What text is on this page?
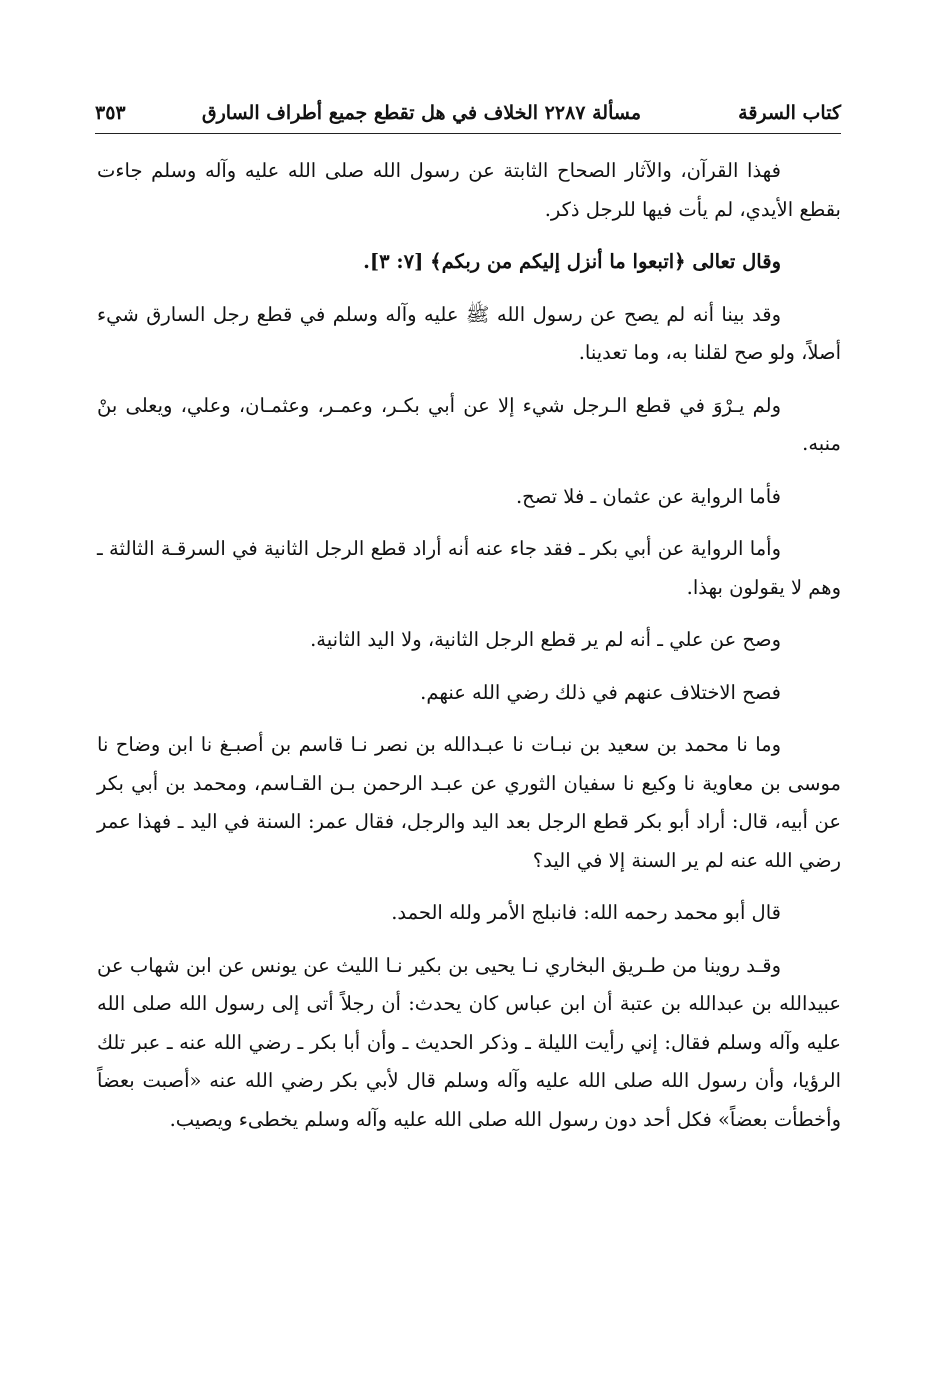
كتاب السرقة
مسألة ٢٢٨٧ الخلاف في هل تقطع جميع أطراف السارق
٣٥٣

فهذا القرآن، والآثار الصحاح الثابتة عن رسول الله صلى الله عليه وآله وسلم جاءت بقطع الأيدي، لم يأت فيها للرجل ذكر.

وقال تعالى ﴿اتبعوا ما أنزل إليكم من ربكم﴾ [٧: ٣].

وقد بينا أنه لم يصح عن رسول الله ﷺ عليه وآله وسلم في قطع رجل السارق شيء أصلاً، ولو صح لقلنا به، وما تعدينا.

ولم يـرْوَ في قطع الـرجل شيء إلا عن أبي بكـر، وعمـر، وعثمـان، وعلي، ويعلى بنْ منبه.

فأما الرواية عن عثمان ـ فلا تصح.

وأما الرواية عن أبي بكر ـ فقد جاء عنه أنه أراد قطع الرجل الثانية في السرقـة الثالثة ـ وهم لا يقولون بهذا.

وصح عن علي ـ أنه لم ير قطع الرجل الثانية، ولا اليد الثانية.

فصح الاختلاف عنهم في ذلك رضي الله عنهم.

وما نا محمد بن سعيد بن نبـات نا عبـدالله بن نصر نـا قاسم بن أصبـغ نا ابن وضاح نا موسى بن معاوية نا وكيع نا سفيان الثوري عن عبـد الرحمن بـن القـاسم، ومحمد بن أبي بكر عن أبيه، قال: أراد أبو بكر قطع الرجل بعد اليد والرجل، فقال عمر: السنة في اليد ـ فهذا عمر رضي الله عنه لم ير السنة إلا في اليد؟

قال أبو محمد رحمه الله: فانبلج الأمر ولله الحمد.

وقـد روينا من طـريق البخاري نـا يحيى بن بكير نـا الليث عن يونس عن ابن شهاب عن عبيدالله بن عبدالله بن عتبة أن ابن عباس كان يحدث: أن رجلاً أتى إلى رسول الله صلى الله عليه وآله وسلم فقال: إني رأيت الليلة ـ وذكر الحديث ـ وأن أبا بكر ـ رضي الله عنه ـ عبر تلك الرؤيا، وأن رسول الله صلى الله عليه وآله وسلم قال لأبي بكر رضي الله عنه «أصبت بعضاً وأخطأت بعضاً» فكل أحد دون رسول الله صلى الله عليه وآله وسلم يخطىء ويصيب.
